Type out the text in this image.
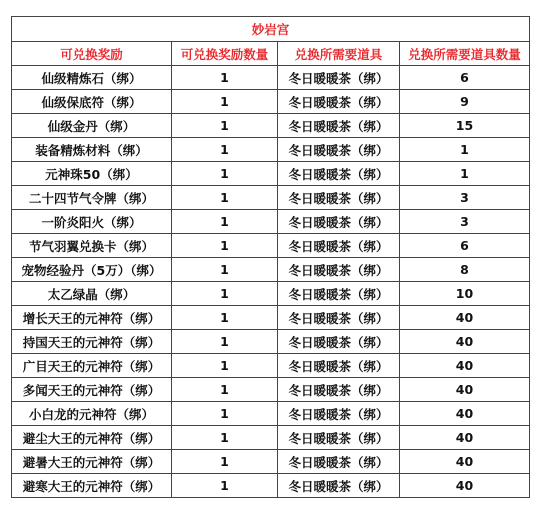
妙岩宫			
可兑换奖励	可兑换奖励数量	兑换所需要道具	兑换所需要道具数量
仙级精炼石（绑）	1	冬日暖暖茶（绑）	6
仙级保底符（绑）	1	冬日暖暖茶（绑）	9
仙级金丹（绑）	1	冬日暖暖茶（绑）	15
装备精炼材料（绑）	1	冬日暖暖茶（绑）	1
元神珠50（绑）	1	冬日暖暖茶（绑）	1
二十四节气令牌（绑）	1	冬日暖暖茶（绑）	3
一阶炎阳火（绑）	1	冬日暖暖茶（绑）	3
节气羽翼兑换卡（绑）	1	冬日暖暖茶（绑）	6
宠物经验丹（5万）（绑）	1	冬日暖暖茶（绑）	8
太乙绿晶（绑）	1	冬日暖暖茶（绑）	10
增长天王的元神符（绑）	1	冬日暖暖茶（绑）	40
持国天王的元神符（绑）	1	冬日暖暖茶（绑）	40
广目天王的元神符（绑）	1	冬日暖暖茶（绑）	40
多闻天王的元神符（绑）	1	冬日暖暖茶（绑）	40
小白龙的元神符（绑）	1	冬日暖暖茶（绑）	40
避尘大王的元神符（绑）	1	冬日暖暖茶（绑）	40
避暑大王的元神符（绑）	1	冬日暖暖茶（绑）	40
避寒大王的元神符（绑）	1	冬日暖暖茶（绑）	40
